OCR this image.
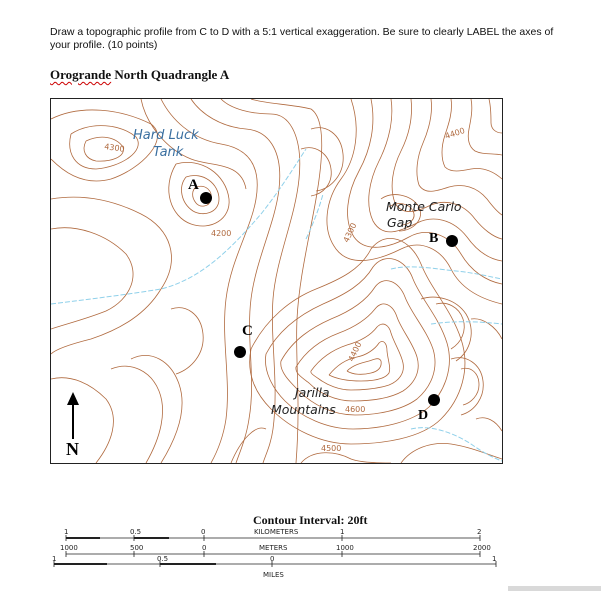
Draw a topographic profile from C to D with a 5:1 vertical exaggeration. Be sure to clearly LABEL the axes of your profile. (10 points)
Orogrande North Quadrangle A
Hard Luck
Tank
Monte Carlo
Gap
Jarilla
Mountains
4300
4400
4200	4300
4400
4600
4500
A
B
C
D
N
Contour Interval: 20ft
1	0.5	0	1	2
KILOMETERS
1000	500	0	1000	2000
METERS
1	0.5	0	1
MILES
